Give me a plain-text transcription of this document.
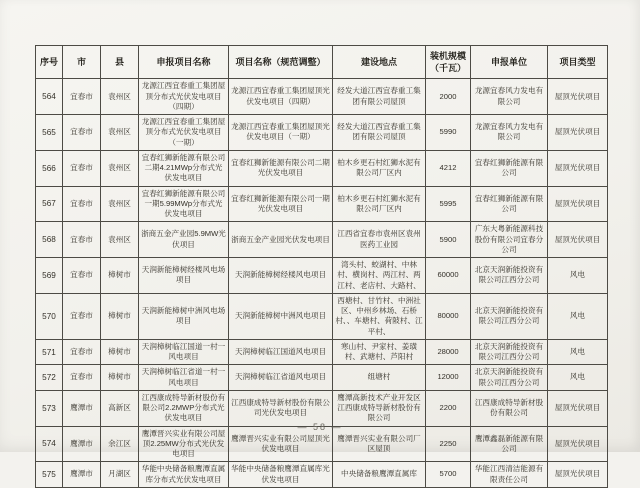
序号	市	县	申报项目名称	项目名称（规范调整）	建设地点	装机规模（千瓦）	申报单位	项目类型
564	宜春市	袁州区	龙源江西宜春重工集团屋顶分布式光伏发电项目（四期）	龙源江西宜春重工集团屋顶光伏发电项目（四期）	经发大道江西宜春重工集团有限公司屋顶	2000	龙源宜春风力发电有限公司	屋顶光伏项目
565	宜春市	袁州区	龙源江西宜春重工集团屋顶分布式光伏发电项目（一期）	龙源江西宜春重工集团屋顶光伏发电项目（一期）	经发大道江西宜春重工集团有限公司屋顶	5990	龙源宜春风力发电有限公司	屋顶光伏项目
566	宜春市	袁州区	宜春红狮新能源有限公司二期4.21MWp分布式光伏发电项目	宜春红狮新能源有限公司二期光伏发电项目	柏木乡更石村红狮水泥有限公司厂区内	4212	宜春红狮新能源有限公司	屋顶光伏项目
567	宜春市	袁州区	宜春红狮新能源有限公司一期5.99MWp分布式光伏发电项目	宜春红狮新能源有限公司一期光伏发电项目	柏木乡更石村红狮水泥有限公司厂区内	5995	宜春红狮新能源有限公司	屋顶光伏项目
568	宜春市	袁州区	浙商五金产业园5.9MW光伏项目	浙商五金产业园光伏发电项目	江西省宜春市袁州区袁州医药工业园	5900	广东大粤新能源科技股份有限公司宜春分公司	屋顶光伏项目
569	宜春市	樟树市	天润新能樟树经楼风电场项目	天润新能樟树经楼风电项目	湾头村、蛟湖村、中林村、横岗村、两江村、两江村、老店村、大路村、	60000	北京天润新能投资有限公司江西分公司	风电
570	宜春市	樟树市	天润新能樟树中洲风电场项目	天润新能樟树中洲风电项目	西塘村、甘竹村、中洲社区、中州乡林场、石桥村、、车塘村、荷陂村、江平村、	80000	北京天润新能投资有限公司江西分公司	风电
571	宜春市	樟树市	天润樟树临江国道一村一风电项目	天润樟树临江国道风电项目	寒山村、尹家村、姜璜村、武塘村、芦阳村	28000	北京天润新能投资有限公司江西分公司	风电
572	宜春市	樟树市	天润樟树临江省道一村一风电项目	天润樟树临江省道风电项目	组塘村	12000	北京天润新能投资有限公司江西分公司	风电
573	鹰潭市	高新区	江西康成特导新材股份有限公司2.2MWP分布式光伏发电项目	江西康成特导新材股份有限公司光伏发电项目	鹰潭高新技术产业开发区江西康成特导新材股份有限公司	2200	江西康成特导新材股份有限公司	屋顶光伏项目
574	鹰潭市	余江区	鹰潭晋兴实业有限公司屋顶2.25MW分布式光伏发电项目	鹰潭晋兴实业有限公司屋顶光伏发电项目	鹰潭晋兴实业有限公司厂区屋顶	2250	鹰潭鑫磊新能源有限公司	屋顶光伏项目
575	鹰潭市	月湖区	华能中央储备粮鹰潭直属库分布式光伏发电项目	华能中央储备粮鹰潭直属库光伏发电项目	中央储备粮鹰潭直属库	5700	华能江西清洁能源有限责任公司	屋顶光伏项目
— 58 —
